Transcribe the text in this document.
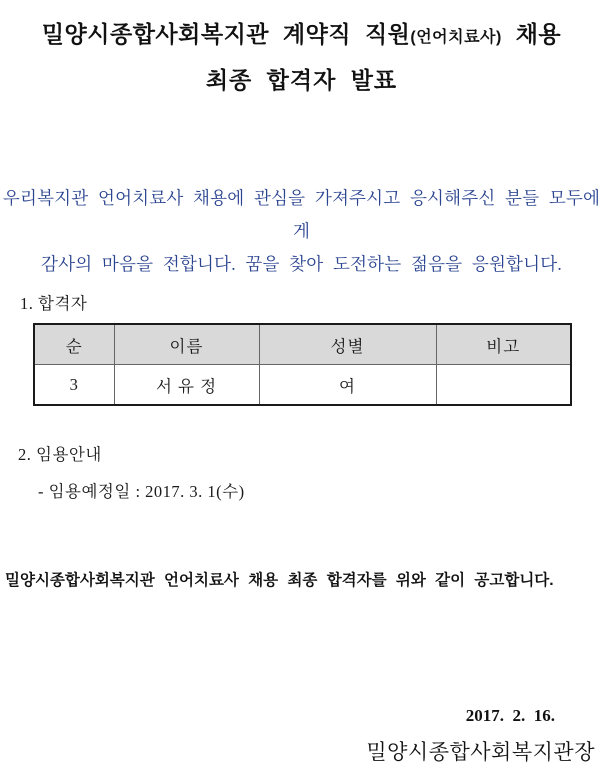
밀양시종합사회복지관 계약직 직원(언어치료사) 채용
최종 합격자 발표
우리복지관 언어치료사 채용에 관심을 가져주시고 응시해주신 분들 모두에게
감사의 마음을 전합니다. 꿈을 찾아 도전하는 젊음을 응원합니다.
1. 합격자
순	이름	성별	비고
3	서 유 정	여	
2. 임용안내
- 임용예정일 : 2017. 3. 1(수)
밀양시종합사회복지관 언어치료사 채용 최종 합격자를 위와 같이 공고합니다.
2017.  2.  16.
밀양시종합사회복지관장
